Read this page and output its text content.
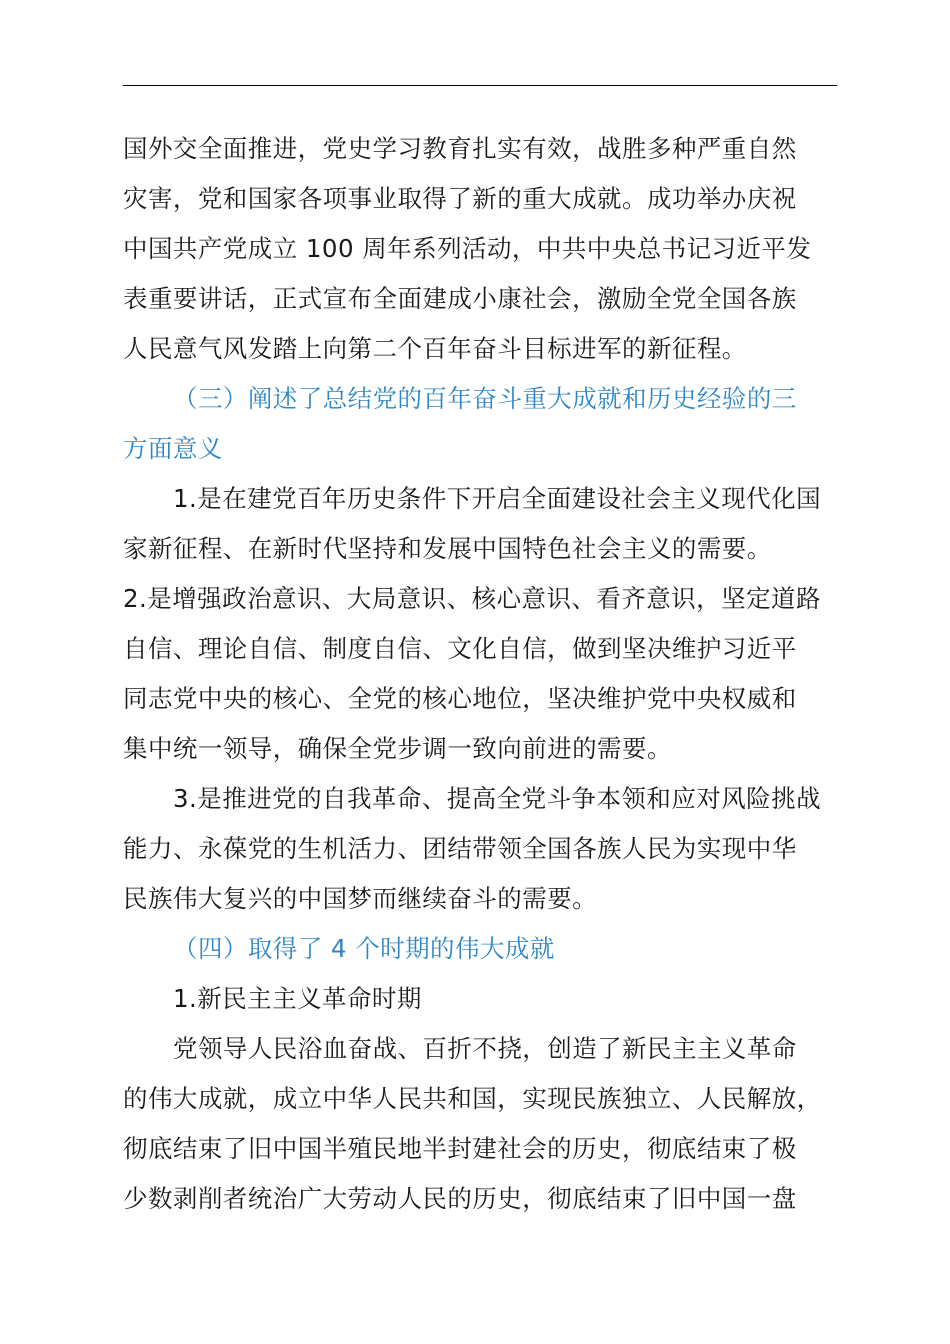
国外交全面推进，党史学习教育扎实有效，战胜多种严重自然
灾害，党和国家各项事业取得了新的重大成就。成功举办庆祝
中国共产党成立 100 周年系列活动，中共中央总书记习近平发
表重要讲话，正式宣布全面建成小康社会，激励全党全国各族
人民意气风发踏上向第二个百年奋斗目标进军的新征程。
（三）阐述了总结党的百年奋斗重大成就和历史经验的三
方面意义
1.是在建党百年历史条件下开启全面建设社会主义现代化国
家新征程、在新时代坚持和发展中国特色社会主义的需要。
2.是增强政治意识、大局意识、核心意识、看齐意识，坚定道路
自信、理论自信、制度自信、文化自信，做到坚决维护习近平
同志党中央的核心、全党的核心地位，坚决维护党中央权威和
集中统一领导，确保全党步调一致向前进的需要。
3.是推进党的自我革命、提高全党斗争本领和应对风险挑战
能力、永葆党的生机活力、团结带领全国各族人民为实现中华
民族伟大复兴的中国梦而继续奋斗的需要。
（四）取得了 4 个时期的伟大成就
1.新民主主义革命时期
党领导人民浴血奋战、百折不挠，创造了新民主主义革命
的伟大成就，成立中华人民共和国，实现民族独立、人民解放，
彻底结束了旧中国半殖民地半封建社会的历史，彻底结束了极
少数剥削者统治广大劳动人民的历史，彻底结束了旧中国一盘
